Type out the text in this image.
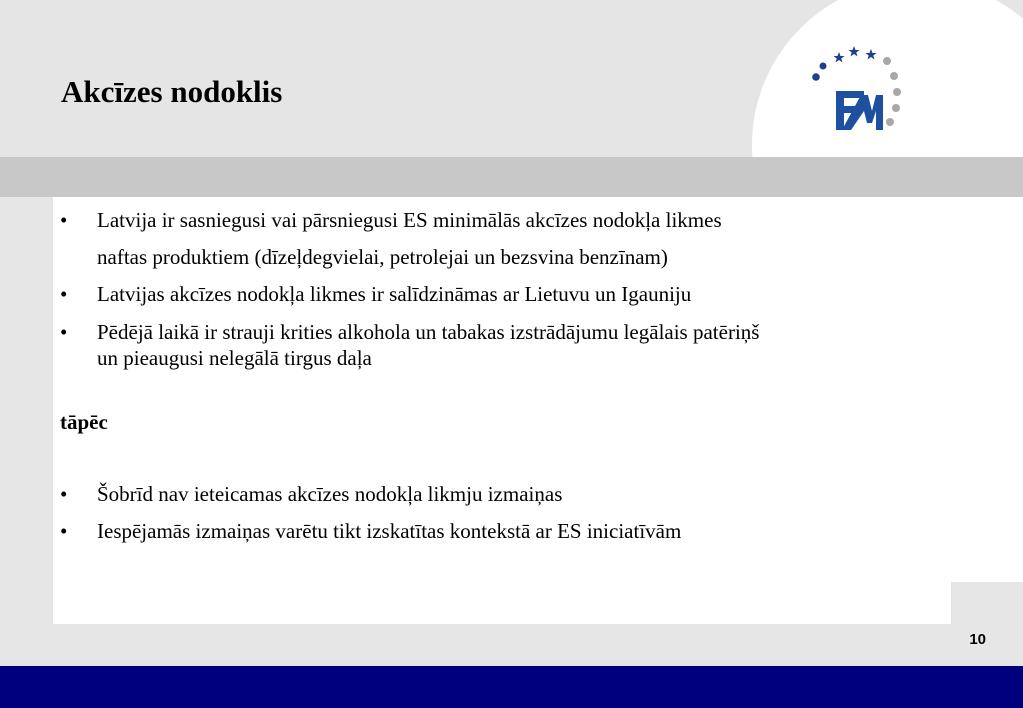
Akcīzes nodoklis
• Latvija ir sasniegusi vai pārsniegusi ES minimālās akcīzes nodokļa likmes
naftas produktiem (dīzeļdegvielai, petrolejai un bezsvina benzīnam)
• Latvijas akcīzes nodokļa likmes ir salīdzināmas ar Lietuvu un Igauniju
• Pēdējā laikā ir strauji krities alkohola un tabakas izstrādājumu legālais patēriņš
un pieaugusi nelegālā tirgus daļa
tāpēc
• Šobrīd nav ieteicamas akcīzes nodokļa likmju izmaiņas
• Iespējamās izmaiņas varētu tikt izskatītas kontekstā ar ES iniciatīvām
10
